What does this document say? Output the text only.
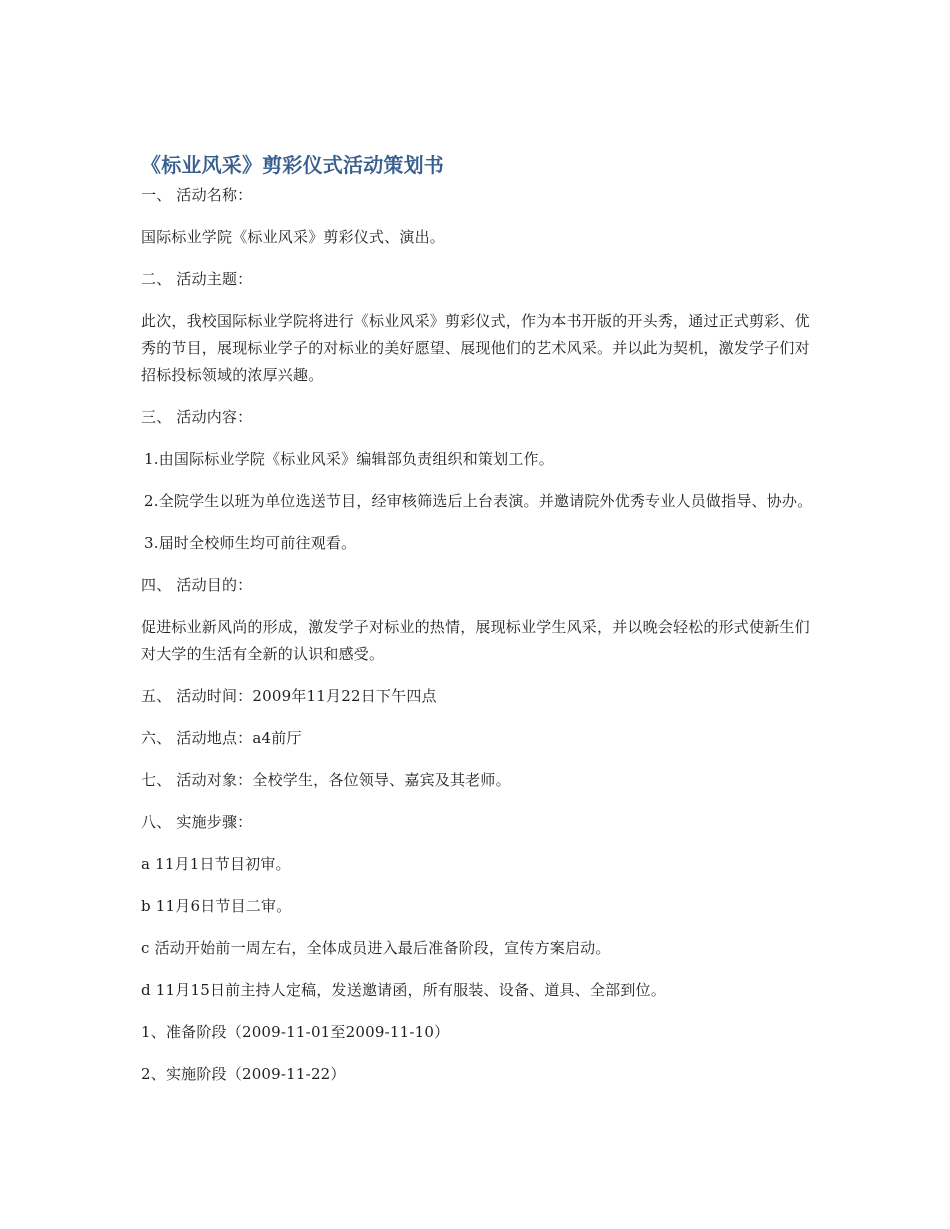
《标业风采》剪彩仪式活动策划书

一、 活动名称：

国际标业学院《标业风采》剪彩仪式、演出。

二、 活动主题：

此次，我校国际标业学院将进行《标业风采》剪彩仪式，作为本书开版的开头秀，通过正式剪彩、优秀的节目，展现标业学子的对标业的美好愿望、展现他们的艺术风采。并以此为契机，激发学子们对招标投标领域的浓厚兴趣。

三、 活动内容：

1.由国际标业学院《标业风采》编辑部负责组织和策划工作。

2.全院学生以班为单位选送节目，经审核筛选后上台表演。并邀请院外优秀专业人员做指导、协办。

3.届时全校师生均可前往观看。

四、 活动目的：

促进标业新风尚的形成，激发学子对标业的热情，展现标业学生风采，并以晚会轻松的形式使新生们对大学的生活有全新的认识和感受。

五、 活动时间：2009年11月22日下午四点

六、 活动地点：a4前厅

七、 活动对象：全校学生，各位领导、嘉宾及其老师。

八、 实施步骤：

a 11月1日节目初审。

b 11月6日节目二审。

c 活动开始前一周左右，全体成员进入最后准备阶段，宣传方案启动。

d 11月15日前主持人定稿，发送邀请函，所有服装、设备、道具、全部到位。

1、准备阶段（2009-11-01至2009-11-10）

2、实施阶段（2009-11-22）
